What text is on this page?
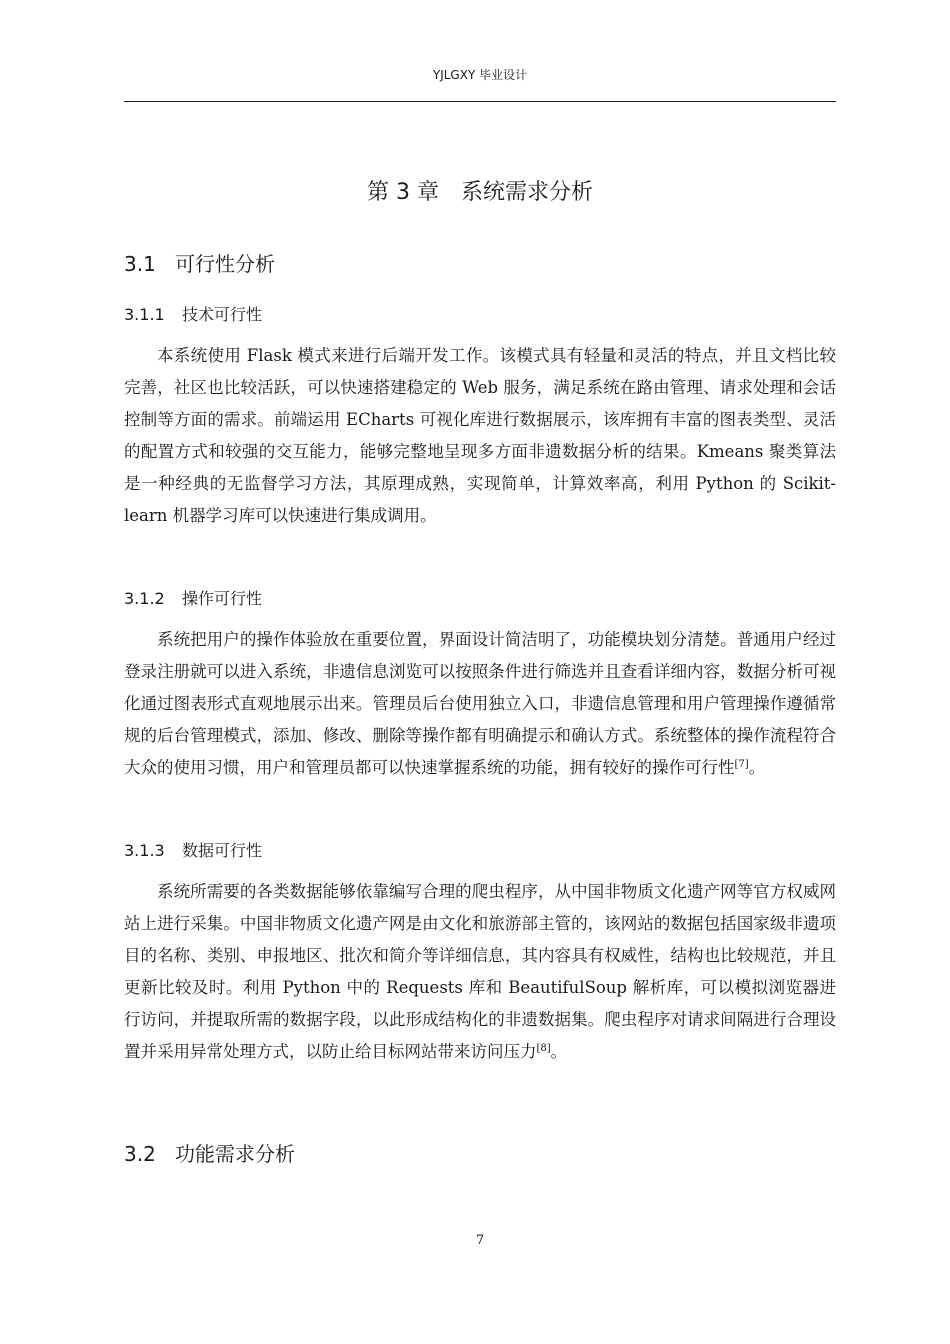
YJLGXY 毕业设计
第 3 章　系统需求分析
3.1 可行性分析
3.1.1 技术可行性

本系统使用 Flask 模式来进行后端开发工作。该模式具有轻量和灵活的特点，并且文档比较完善，社区也比较活跃，可以快速搭建稳定的 Web 服务，满足系统在路由管理、请求处理和会话控制等方面的需求。前端运用 ECharts 可视化库进行数据展示，该库拥有丰富的图表类型、灵活的配置方式和较强的交互能力，能够完整地呈现多方面非遗数据分析的结果。Kmeans 聚类算法是一种经典的无监督学习方法，其原理成熟，实现简单，计算效率高，利用 Python 的 Scikit-learn 机器学习库可以快速进行集成调用。

3.1.2 操作可行性

系统把用户的操作体验放在重要位置，界面设计简洁明了，功能模块划分清楚。普通用户经过登录注册就可以进入系统，非遗信息浏览可以按照条件进行筛选并且查看详细内容，数据分析可视化通过图表形式直观地展示出来。管理员后台使用独立入口，非遗信息管理和用户管理操作遵循常规的后台管理模式，添加、修改、删除等操作都有明确提示和确认方式。系统整体的操作流程符合大众的使用习惯，用户和管理员都可以快速掌握系统的功能，拥有较好的操作可行性[7]。

3.1.3 数据可行性

系统所需要的各类数据能够依靠编写合理的爬虫程序，从中国非物质文化遗产网等官方权威网站上进行采集。中国非物质文化遗产网是由文化和旅游部主管的，该网站的数据包括国家级非遗项目的名称、类别、申报地区、批次和简介等详细信息，其内容具有权威性，结构也比较规范，并且更新比较及时。利用 Python 中的 Requests 库和 BeautifulSoup 解析库，可以模拟浏览器进行访问，并提取所需的数据字段，以此形成结构化的非遗数据集。爬虫程序对请求间隔进行合理设置并采用异常处理方式，以防止给目标网站带来访问压力[8]。

3.2 功能需求分析
7
